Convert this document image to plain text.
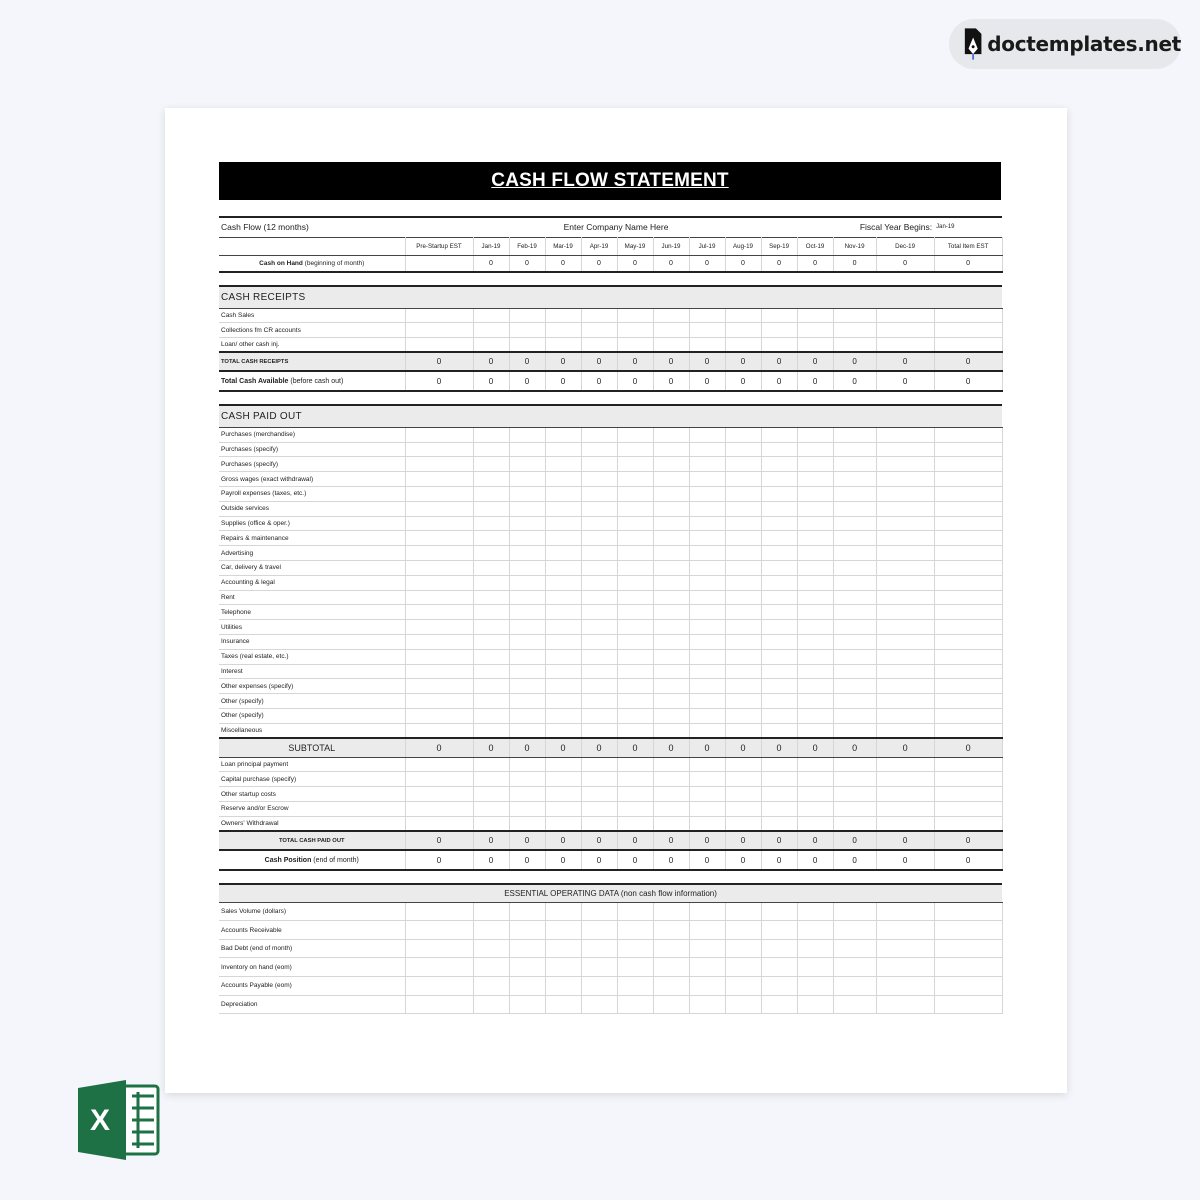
doctemplates.net
CASH FLOW STATEMENT
Cash Flow (12 months)		Enter Company Name Here									Fiscal Year Begins:			Jan-19
	Pre-Startup EST	Jan-19	Feb-19	Mar-19	Apr-19	May-19	Jun-19	Jul-19	Aug-19	Sep-19	Oct-19	Nov-19	Dec-19	Total Item EST
Cash on Hand (beginning of month)		0	0	0	0	0	0	0	0	0	0	0	0	0

CASH RECEIPTS														
Cash Sales														
Collections fm CR accounts														
Loan/ other cash inj.														
TOTAL CASH RECEIPTS	0	0	0	0	0	0	0	0	0	0	0	0	0	0
Total Cash Available (before cash out)	0	0	0	0	0	0	0	0	0	0	0	0	0	0

CASH PAID OUT														
Purchases (merchandise)														
Purchases (specify)														
Purchases (specify)														
Gross wages (exact withdrawal)														
Payroll expenses (taxes, etc.)														
Outside services														
Supplies (office & oper.)														
Repairs & maintenance														
Advertising														
Car, delivery & travel														
Accounting & legal														
Rent														
Telephone														
Utilities														
Insurance														
Taxes (real estate, etc.)														
Interest														
Other expenses (specify)														
Other (specify)														
Other (specify)														
Miscellaneous														
SUBTOTAL	0	0	0	0	0	0	0	0	0	0	0	0	0	0
Loan principal payment														
Capital purchase (specify)														
Other startup costs														
Reserve and/or Escrow														
Owners' Withdrawal														
TOTAL CASH PAID OUT	0	0	0	0	0	0	0	0	0	0	0	0	0	0
Cash Position (end of month)	0	0	0	0	0	0	0	0	0	0	0	0	0	0

ESSENTIAL OPERATING DATA (non cash flow information)														
Sales Volume (dollars)														
Accounts Receivable														
Bad Debt (end of month)														
Inventory on hand (eom)														
Accounts Payable (eom)														
Depreciation														
X
